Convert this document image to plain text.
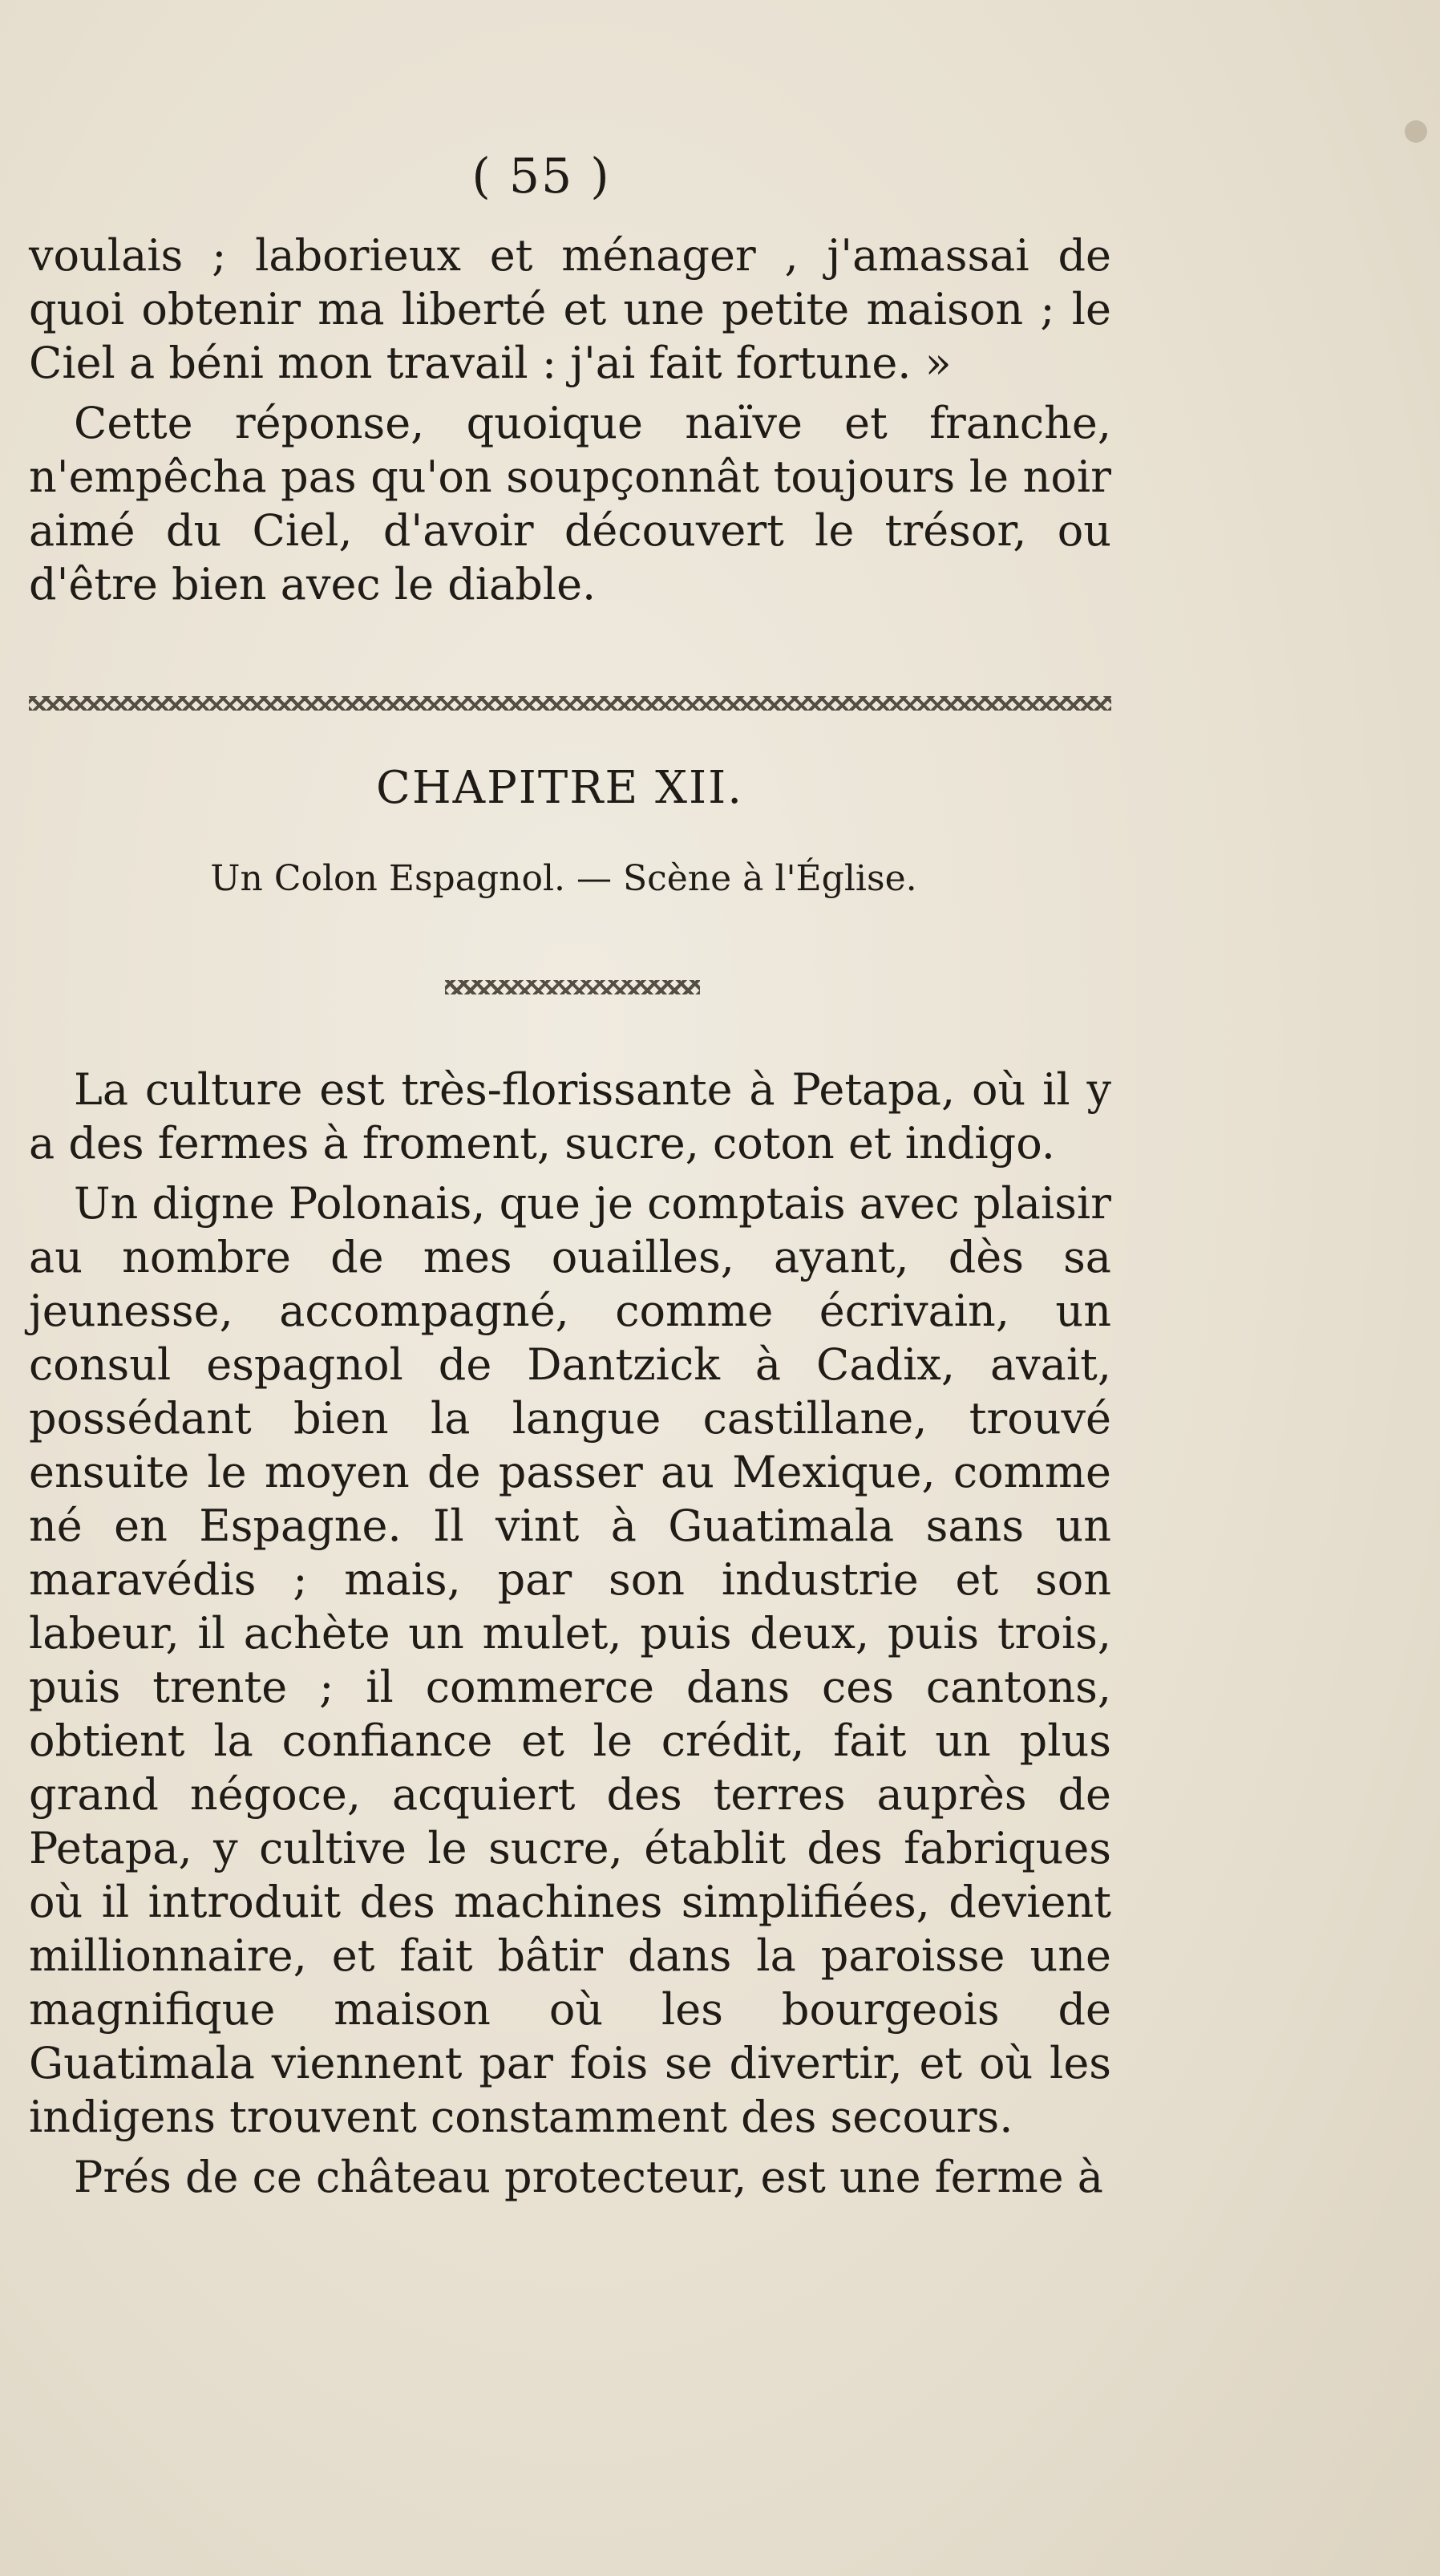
( 55 )

voulais ; laborieux et ménager , j'amassai de quoi obtenir ma liberté et une petite maison ; le Ciel a béni mon travail : j'ai fait fortune. »

Cette réponse, quoique naïve et franche, n'empêcha pas qu'on soupçonnât toujours le noir aimé du Ciel, d'avoir découvert le trésor, ou d'être bien avec le diable.

CHAPITRE XII.
Un Colon Espagnol. — Scène à l'Église.

La culture est très-florissante à Petapa, où il y a des fermes à froment, sucre, coton et indigo.

Un digne Polonais, que je comptais avec plaisir au nombre de mes ouailles, ayant, dès sa jeunesse, accompagné, comme écrivain, un consul espagnol de Dantzick à Cadix, avait, possédant bien la langue castillane, trouvé ensuite le moyen de passer au Mexique, comme né en Espagne. Il vint à Guatimala sans un maravédis ; mais, par son industrie et son labeur, il achète un mulet, puis deux, puis trois, puis trente ; il commerce dans ces cantons, obtient la confiance et le crédit, fait un plus grand négoce, acquiert des terres auprès de Petapa, y cultive le sucre, établit des fabriques où il introduit des machines simplifiées, devient millionnaire, et fait bâtir dans la paroisse une magnifique maison où les bourgeois de Guatimala viennent par fois se divertir, et où les indigens trouvent constamment des secours.

Prés de ce château protecteur, est une ferme à
